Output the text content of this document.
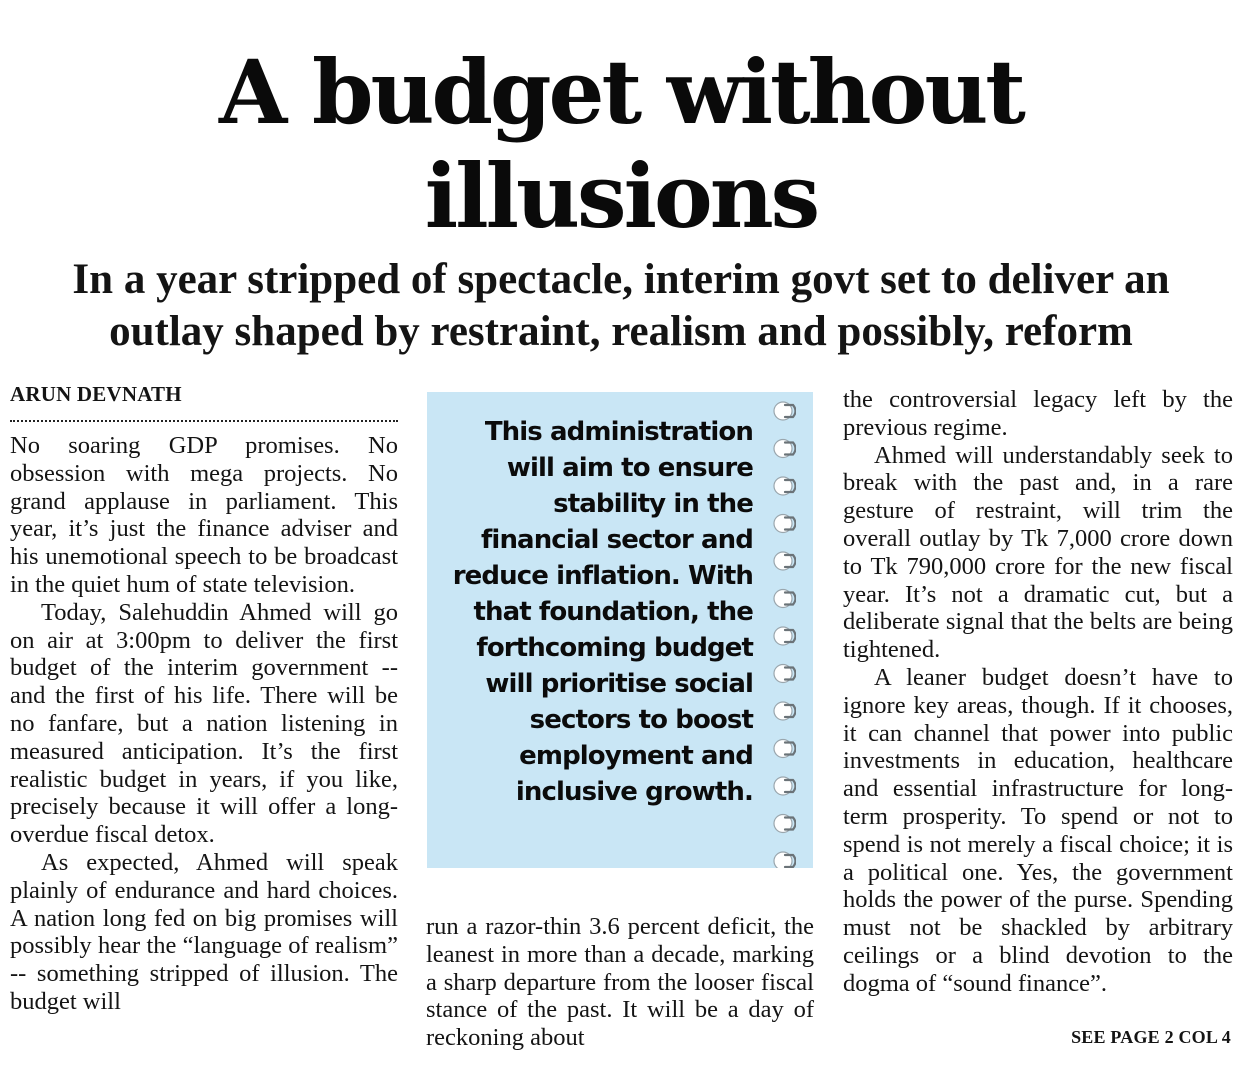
A budget without
illusions
In a year stripped of spectacle, interim govt set to deliver an
outlay shaped by restraint, realism and possibly, reform
ARUN DEVNATH

No soaring GDP promises. No obsession with mega projects. No grand applause in parliament. This year, it’s just the finance adviser and his unemotional speech to be broadcast in the quiet hum of state television.

Today, Salehuddin Ahmed will go on air at 3:00pm to deliver the first budget of the interim government -- and the first of his life. There will be no fanfare, but a nation listening in measured anticipation. It’s the first realistic budget in years, if you like, precisely because it will offer a long-overdue fiscal detox.

As expected, Ahmed will speak plainly of endurance and hard choices. A nation long fed on big promises will possibly hear the “language of realism” -- something stripped of illusion. The budget will

This administration will aim to ensure stability in the financial sector and reduce inflation. With that foundation, the forthcoming budget will prioritise social sectors to boost employment and inclusive growth.

run a razor-thin 3.6 percent deficit, the leanest in more than a decade, marking a sharp departure from the looser fiscal stance of the past. It will be a day of reckoning about

the controversial legacy left by the previous regime.

Ahmed will understandably seek to break with the past and, in a rare gesture of restraint, will trim the overall outlay by Tk 7,000 crore down to Tk 790,000 crore for the new fiscal year. It’s not a dramatic cut, but a deliberate signal that the belts are being tightened.

A leaner budget doesn’t have to ignore key areas, though. If it chooses, it can channel that power into public investments in education, healthcare and essential infrastructure for long-term prosperity. To spend or not to spend is not merely a fiscal choice; it is a political one. Yes, the government holds the power of the purse. Spending must not be shackled by arbitrary ceilings or a blind devotion to the dogma of “sound finance”.

SEE PAGE 2 COL 4
